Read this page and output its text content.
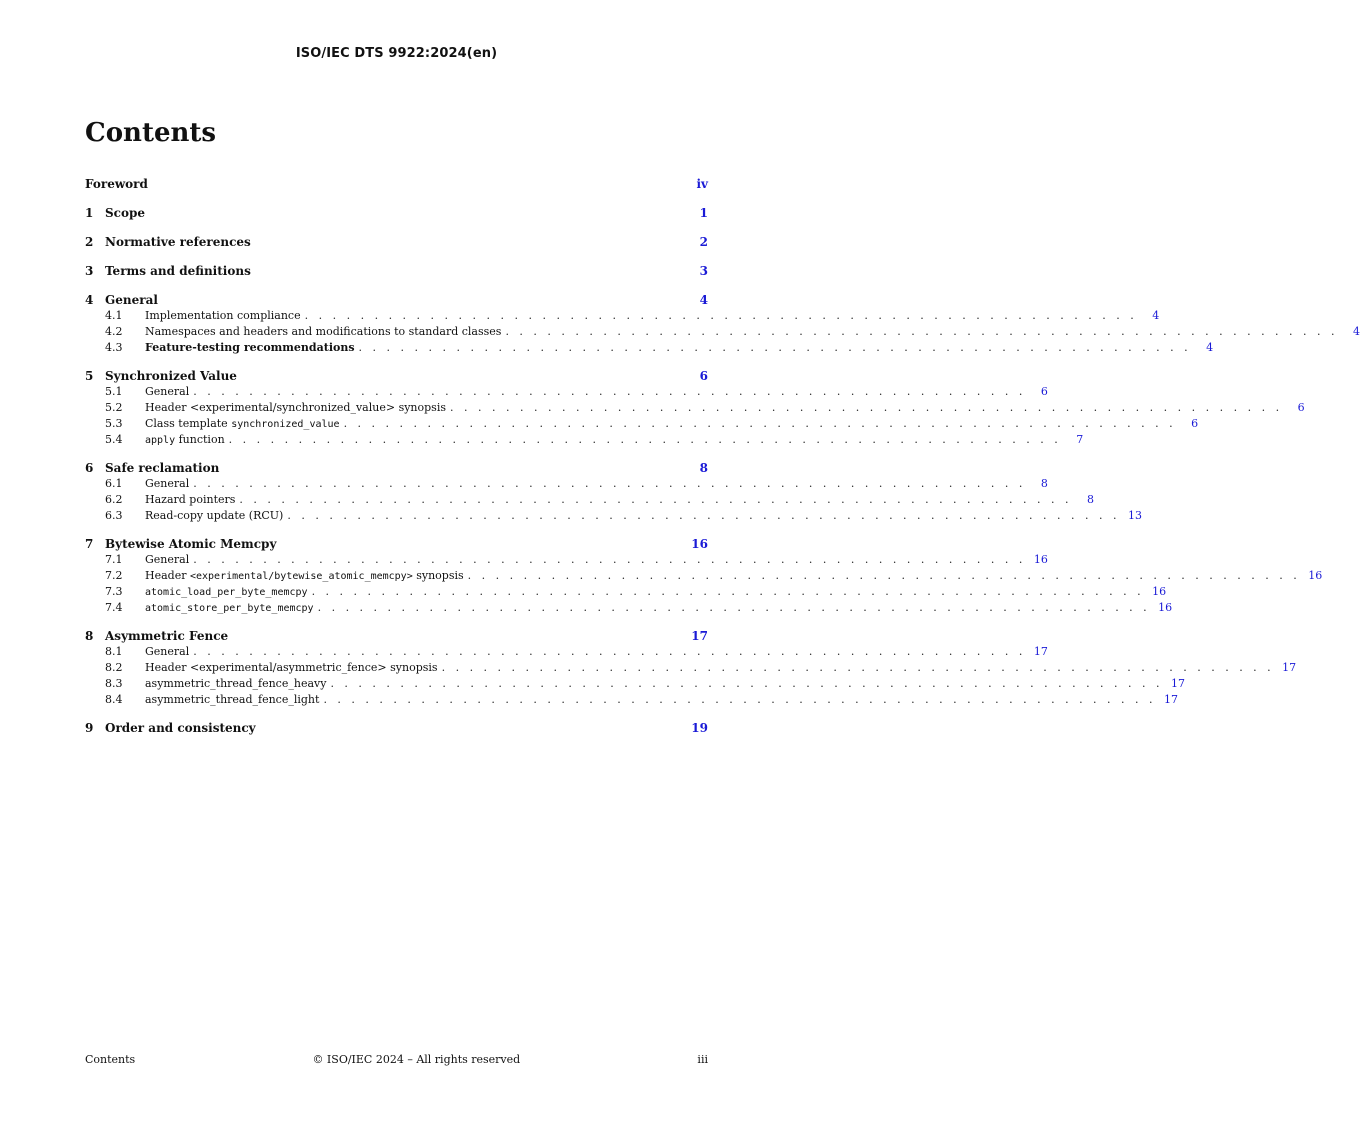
ISO/IEC DTS 9922:2024(en)
Contents
Foreword	iv
1 Scope	1
2 Normative references	2
3 Terms and definitions	3
4 General	4
4.1	Implementation compliance . . . . . . . . . . . . . . . . . . . . . . . . . . . . . . . . . . . . . . . . . . . . . . . . . . . . . . . . . . . .	4
4.2	Namespaces and headers and modifications to standard classes . . . . . . . . . . . . . . . . . . . . . . . . . . . . . . . . . . . . . . . . . . . . . . . . . . . . . . . . . . . .	4
4.3	Feature-testing recommendations . . . . . . . . . . . . . . . . . . . . . . . . . . . . . . . . . . . . . . . . . . . . . . . . . . . . . . . . . . . .	4
5 Synchronized Value	6
5.1	General . . . . . . . . . . . . . . . . . . . . . . . . . . . . . . . . . . . . . . . . . . . . . . . . . . . . . . . . . . . .	6
5.2	Header <experimental/synchronized_value> synopsis . . . . . . . . . . . . . . . . . . . . . . . . . . . . . . . . . . . . . . . . . . . . . . . . . . . . . . . . . . . .	6
5.3	Class template synchronized_value . . . . . . . . . . . . . . . . . . . . . . . . . . . . . . . . . . . . . . . . . . . . . . . . . . . . . . . . . . . .	6
5.4	apply function . . . . . . . . . . . . . . . . . . . . . . . . . . . . . . . . . . . . . . . . . . . . . . . . . . . . . . . . . . . .	7
6 Safe reclamation	8
6.1	General . . . . . . . . . . . . . . . . . . . . . . . . . . . . . . . . . . . . . . . . . . . . . . . . . . . . . . . . . . . .	8
6.2	Hazard pointers . . . . . . . . . . . . . . . . . . . . . . . . . . . . . . . . . . . . . . . . . . . . . . . . . . . . . . . . . . . .	8
6.3	Read-copy update (RCU) . . . . . . . . . . . . . . . . . . . . . . . . . . . . . . . . . . . . . . . . . . . . . . . . . . . . . . . . . . . . 13
7 Bytewise Atomic Memcpy	16
7.1	General . . . . . . . . . . . . . . . . . . . . . . . . . . . . . . . . . . . . . . . . . . . . . . . . . . . . . . . . . . . . 16
7.2	Header <experimental/bytewise_atomic_memcpy> synopsis . . . . . . . . . . . . . . . . . . . . . . . . . . . . . . . . . . . . . . . . . . . . . . . . . . . . . . . . . . . . 16
7.3	atomic_load_per_byte_memcpy . . . . . . . . . . . . . . . . . . . . . . . . . . . . . . . . . . . . . . . . . . . . . . . . . . . . . . . . . . . . 16
7.4	atomic_store_per_byte_memcpy . . . . . . . . . . . . . . . . . . . . . . . . . . . . . . . . . . . . . . . . . . . . . . . . . . . . . . . . . . . . 16
8 Asymmetric Fence	17
8.1	General . . . . . . . . . . . . . . . . . . . . . . . . . . . . . . . . . . . . . . . . . . . . . . . . . . . . . . . . . . . . 17
8.2	Header <experimental/asymmetric_fence> synopsis . . . . . . . . . . . . . . . . . . . . . . . . . . . . . . . . . . . . . . . . . . . . . . . . . . . . . . . . . . . . 17
8.3	asymmetric_thread_fence_heavy . . . . . . . . . . . . . . . . . . . . . . . . . . . . . . . . . . . . . . . . . . . . . . . . . . . . . . . . . . . . 17
8.4	asymmetric_thread_fence_light . . . . . . . . . . . . . . . . . . . . . . . . . . . . . . . . . . . . . . . . . . . . . . . . . . . . . . . . . . . . 17
9 Order and consistency	19
Contents	© ISO/IEC 2024 – All rights reserved	iii
